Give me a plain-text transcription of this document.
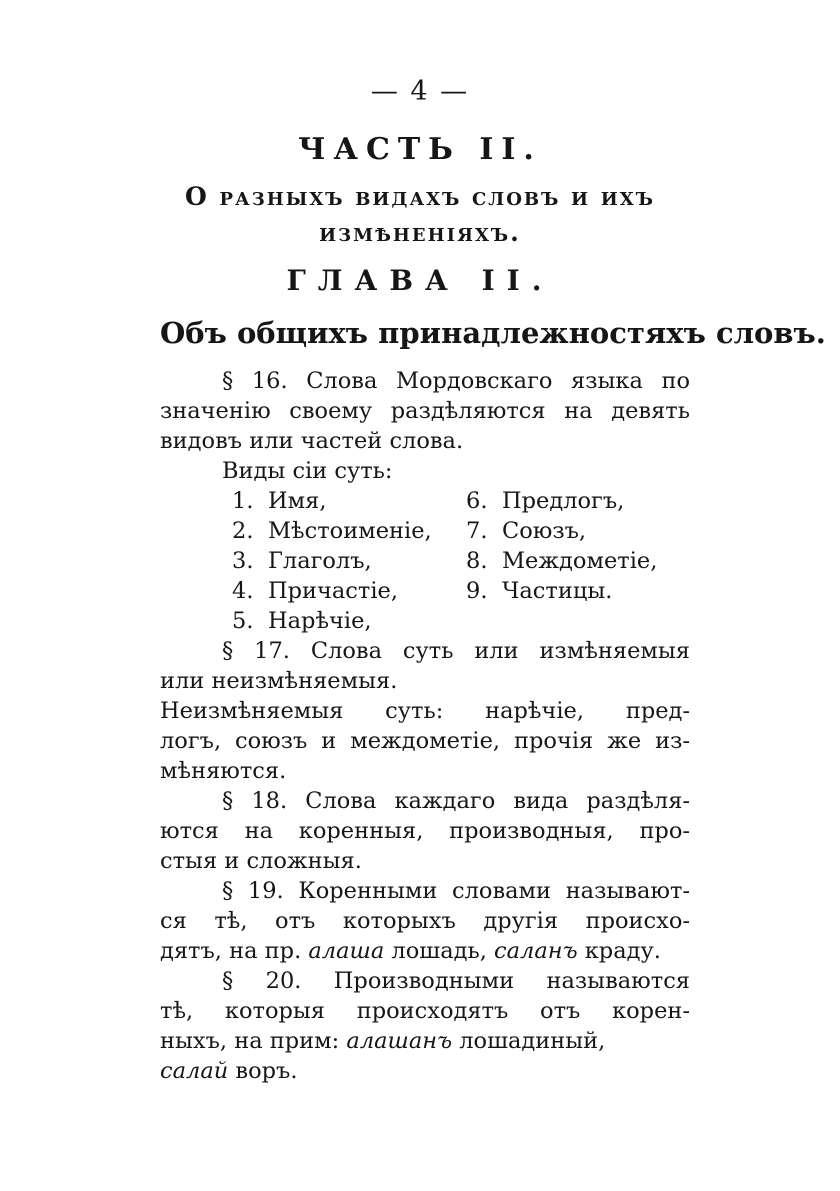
— 4 —
ЧАСТЬ II.
О разныхъ видахъ словъ и ихъ
измѣненiяхъ.
ГЛАВА II.
Объ общихъ принадлежностяхъ словъ.
§ 16. Слова Мордовскаго языка по
значенiю своему раздѣляются на девять
видовъ или частей слова.
Виды сiи суть:
1. Имя,
2. Мѣстоименiе,
3. Глаголъ,
4. Причастiе,
5. Нарѣчiе,
6. Предлогъ,
7. Союзъ,
8. Междометiе,
9. Частицы.
§ 17. Слова суть или измѣняемыя
или неизмѣняемыя.
Неизмѣняемыя суть: нарѣчiе, пред-
логъ, союзъ и междометiе, прочiя же из-
мѣняются.
§ 18. Слова каждаго вида раздѣля-
ются на коренныя, производныя, про-
стыя и сложныя.
§ 19. Коренными словами называют-
ся тѣ, отъ которыхъ другiя происхо-
дятъ, на пр. алаша лошадь, саланъ краду.
§ 20. Производными называются
тѣ, которыя происходятъ отъ корен-
ныхъ, на прим: алашанъ лошадиный,
салай воръ.
